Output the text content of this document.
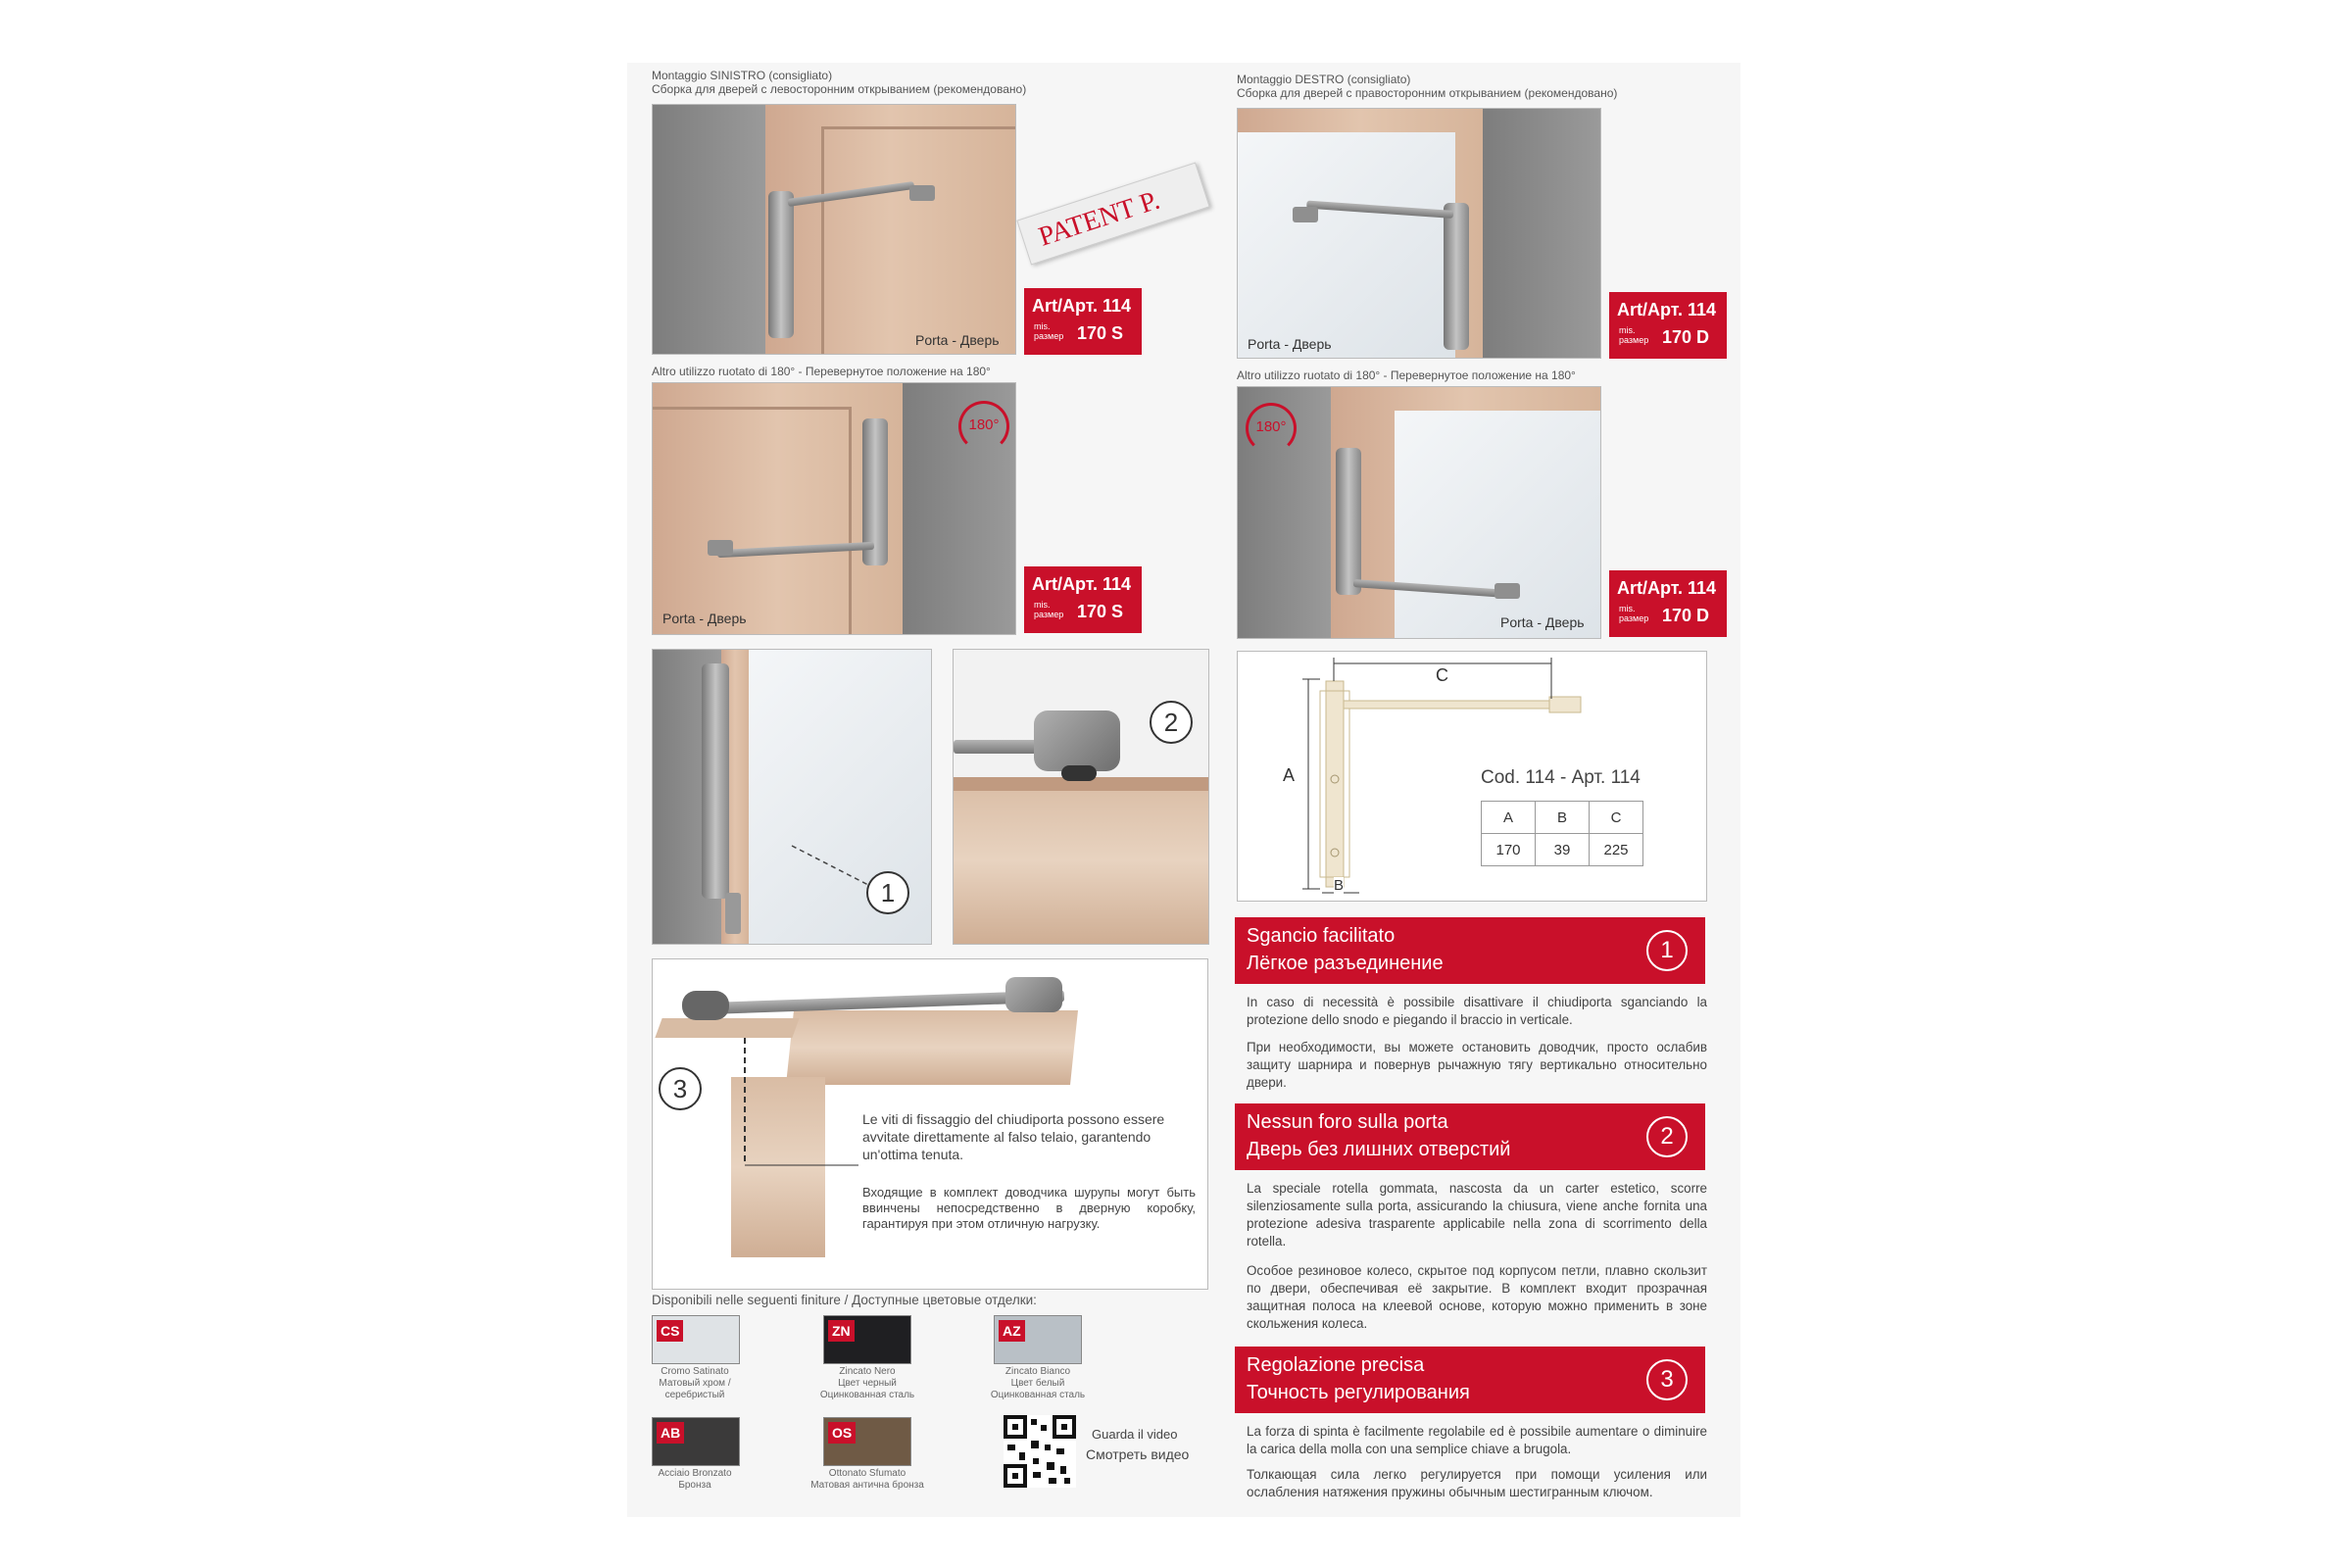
Montaggio SINISTRO (consigliato)
Сборка для дверей с левосторонним открыванием (рекомендовано)
Porta - Дверь
Art/Арт. 114
mis.
размер 170 S
PATENT P.
Montaggio DESTRO (consigliato)
Сборка для дверей с правосторонним открыванием (рекомендовано)
Porta - Дверь
Art/Арт. 114
mis.
размер 170 D
Altro utilizzo ruotato di 180° - Перевернутое положение на 180°
180°
Porta - Дверь
Art/Арт. 114
mis.
размер 170 S
Altro utilizzo ruotato di 180° - Перевернутое положение на 180°
180°
Porta - Дверь
Art/Арт. 114
mis.
размер 170 D
1
2
C
A
B
Cod. 114 - Арт. 114
A	B	C
170	39	225
3
Le viti di fissaggio del chiudiporta possono essere avvitate direttamente al falso telaio, garantendo un'ottima tenuta.
Входящие в комплект доводчика шурупы могут быть ввинчены непосредственно в дверную коробку, гарантируя при этом отличную нагрузку.
Sgancio facilitato
Лёгкое разъединение	1
In caso di necessità è possibile disattivare il chiudiporta sganciando la protezione dello snodo e piegando il braccio in verticale.
При необходимости, вы можете остановить доводчик, просто ослабив защиту шарнира и повернув рычажную тягу вертикально относительно двери.
Nessun foro sulla porta
Дверь без лишних отверстий	2
La speciale rotella gommata, nascosta da un carter estetico, scorre silenziosamente sulla porta, assicurando la chiusura, viene anche fornita una protezione adesiva trasparente applicabile nella zona di scorrimento della rotella.
Особое резиновое колесо, скрытое под корпусом петли, плавно скользит по двери, обеспечивая её закрытие. В комплект входит прозрачная защитная полоса на клеевой основе, которую можно применить в зоне скольжения колеса.
Regolazione precisa
Точность регулирования	3
La forza di spinta è facilmente regolabile ed è possibile aumentare o diminuire la carica della molla con una semplice chiave a brugola.
Толкающая сила легко регулируется при помощи усиления или ослабления натяжения пружины обычным шестигранным ключом.
Disponibili nelle seguenti finiture / Доступные цветовые отделки:
CS
Cromo Satinato
Матовый хром /
серебристый
ZN
Zincato Nero
Цвет черный
Оцинкованная сталь
AZ
Zincato Bianco
Цвет белый
Оцинкованная сталь
AB
Acciaio Bronzato
Бронза
OS
Ottonato Sfumato
Матовая антична бронза
Guarda il video
Смотреть видео
